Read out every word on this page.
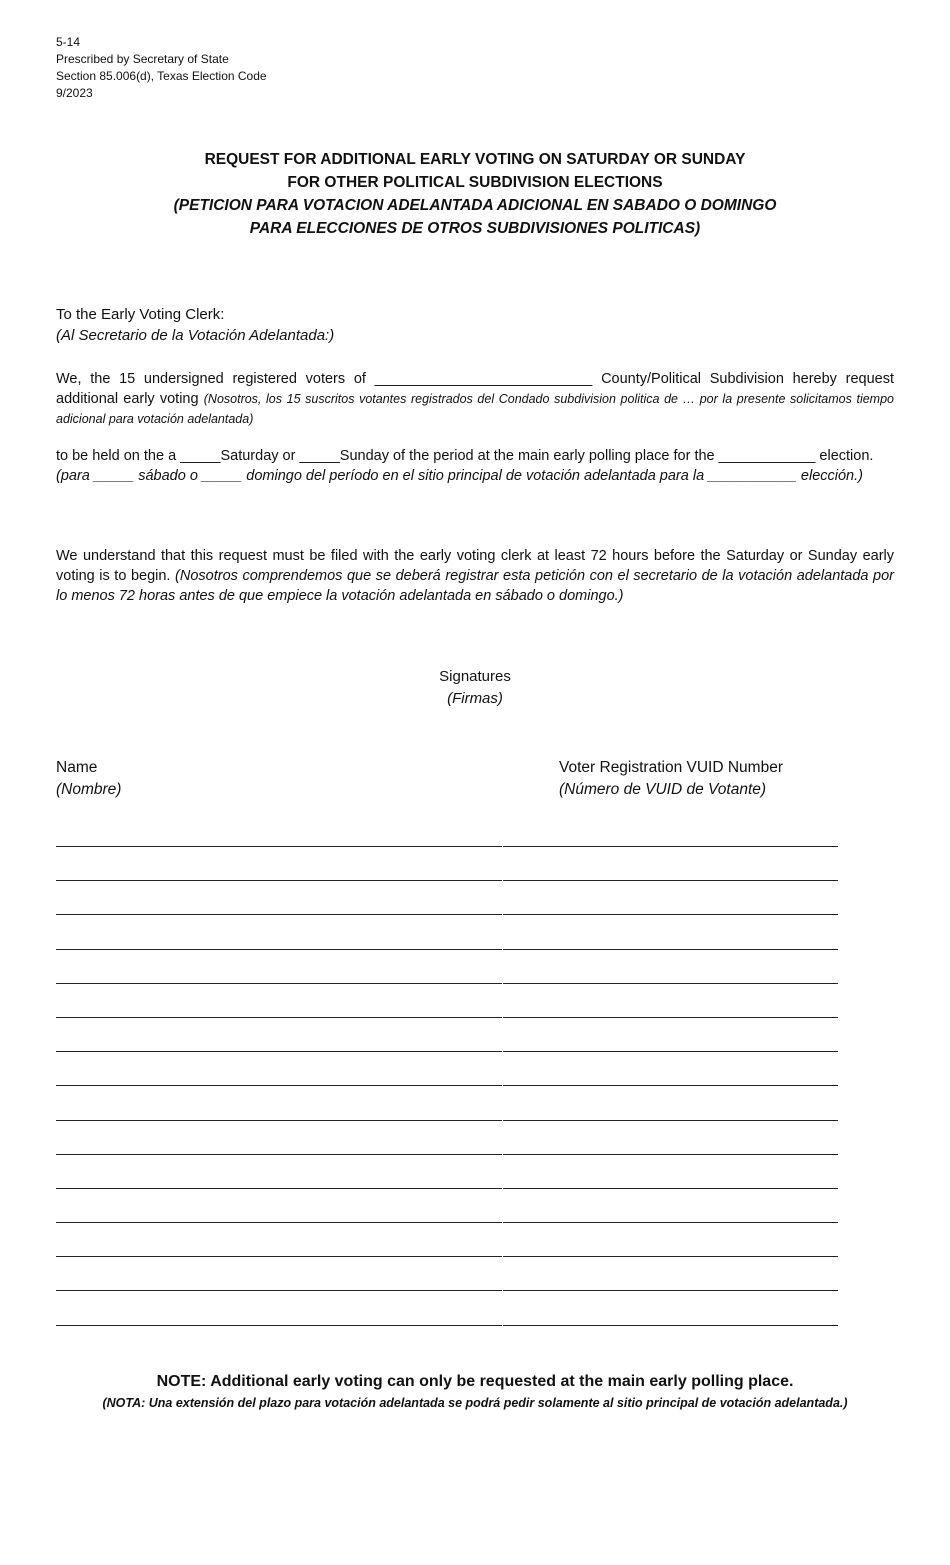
5-14
Prescribed by Secretary of State
Section 85.006(d), Texas Election Code
9/2023
REQUEST FOR ADDITIONAL EARLY VOTING ON SATURDAY OR SUNDAY
FOR OTHER POLITICAL SUBDIVISION ELECTIONS
(PETICION PARA VOTACION ADELANTADA ADICIONAL EN SABADO O DOMINGO
PARA ELECCIONES DE OTROS SUBDIVISIONES POLITICAS)
To the Early Voting Clerk:
(Al Secretario de la Votación Adelantada:)
We, the 15 undersigned registered voters of ___________________________ County/Political Subdivision hereby request additional early voting (Nosotros, los 15 suscritos votantes registrados del Condado subdivision politica de … por la presente solicitamos tiempo adicional para votación adelantada)
to be held on the a _____Saturday or _____Sunday of the period at the main early polling place for the ____________ election.
(para _____ sábado o _____ domingo del período en el sitio principal de votación adelantada para la ___________ elección.)
We understand that this request must be filed with the early voting clerk at least 72 hours before the Saturday or Sunday early voting is to begin. (Nosotros comprendemos que se deberá registrar esta petición con el secretario de la votación adelantada por lo menos 72 horas antes de que empiece la votación adelantada en sábado o domingo.)
Signatures
(Firmas)
Name
(Nombre)
Voter Registration VUID Number
(Número de VUID de Votante)
NOTE: Additional early voting can only be requested at the main early polling place.
(NOTA: Una extensión del plazo para votación adelantada se podrá pedir solamente al sitio principal de votación adelantada.)
